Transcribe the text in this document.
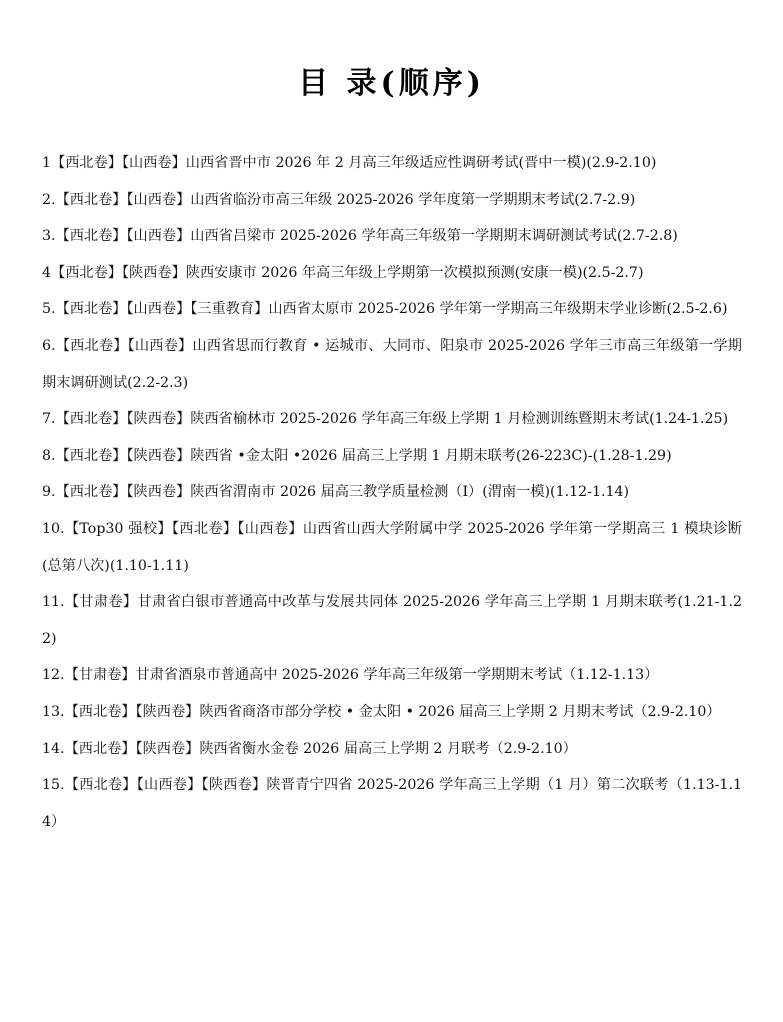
目 录(顺序)
1【西北卷】【山西卷】山西省晋中市 2026 年 2 月高三年级适应性调研考试(晋中一模)(2.9-2.10)
2.【西北卷】【山西卷】山西省临汾市高三年级 2025-2026 学年度第一学期期末考试(2.7-2.9)
3.【西北卷】【山西卷】山西省吕梁市 2025-2026 学年高三年级第一学期期末调研测试考试(2.7-2.8)
4【西北卷】【陕西卷】陕西安康市 2026 年高三年级上学期第一次模拟预测(安康一模)(2.5-2.7)
5.【西北卷】【山西卷】【三重教育】山西省太原市 2025-2026 学年第一学期高三年级期末学业诊断(2.5-2.6)
6.【西北卷】【山西卷】山西省思而行教育 • 运城市、大同市、阳泉市 2025-2026 学年三市高三年级第一学期期末调研测试(2.2-2.3)
7.【西北卷】【陕西卷】陕西省榆林市 2025-2026 学年高三年级上学期 1 月检测训练暨期末考试(1.24-1.25)
8.【西北卷】【陕西卷】陕西省 •金太阳 •2026 届高三上学期 1 月期末联考(26-223C)-(1.28-1.29)
9.【西北卷】【陕西卷】陕西省渭南市 2026 届高三教学质量检测（Ⅰ）(渭南一模)(1.12-1.14)
10.【Top30 强校】【西北卷】【山西卷】山西省山西大学附属中学 2025-2026 学年第一学期高三 1 模块诊断(总第八次)(1.10-1.11)
11.【甘肃卷】甘肃省白银市普通高中改革与发展共同体 2025-2026 学年高三上学期 1 月期末联考(1.21-1.22)
12.【甘肃卷】甘肃省酒泉市普通高中 2025-2026 学年高三年级第一学期期末考试（1.12-1.13）
13.【西北卷】【陕西卷】陕西省商洛市部分学校 • 金太阳 • 2026 届高三上学期 2 月期末考试（2.9-2.10）
14.【西北卷】【陕西卷】陕西省衡水金卷 2026 届高三上学期 2 月联考（2.9-2.10）
15.【西北卷】【山西卷】【陕西卷】陕晋青宁四省 2025-2026 学年高三上学期（1 月）第二次联考（1.13-1.14）
